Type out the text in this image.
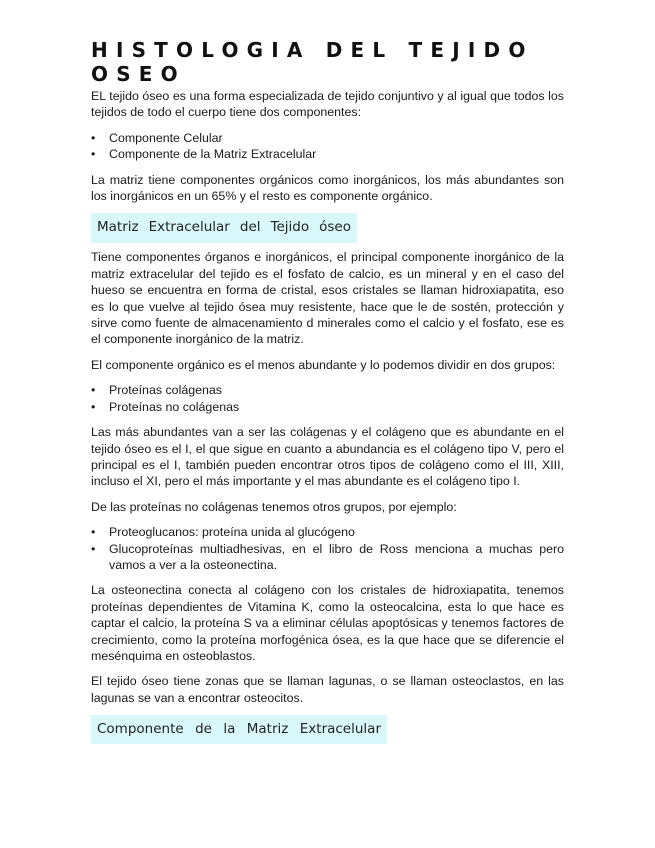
HISTOLOGIA DEL TEJIDO OSEO

EL tejido óseo es una forma especializada de tejido conjuntivo y al igual que todos los tejidos de todo el cuerpo tiene dos componentes:

• Componente Celular
• Componente de la Matriz Extracelular

La matriz tiene componentes orgánicos como inorgánicos, los más abundantes son los inorgánicos en un 65% y el resto es componente orgánico.

Matriz Extracelular del Tejido óseo

Tiene componentes órganos e inorgánicos, el principal componente inorgánico de la matriz extracelular del tejido es el fosfato de calcio, es un mineral y en el caso del hueso se encuentra en forma de cristal, esos cristales se llaman hidroxiapatita, eso es lo que vuelve al tejido ósea muy resistente, hace que le de sostén, protección y sirve como fuente de almacenamiento d minerales como el calcio y el fosfato, ese es el componente inorgánico de la matriz.

El componente orgánico es el menos abundante y lo podemos dividir en dos grupos:

• Proteínas colágenas
• Proteínas no colágenas

Las más abundantes van a ser las colágenas y el colágeno que es abundante en el tejido óseo es el I, el que sigue en cuanto a abundancia es el colágeno tipo V, pero el principal es el I, también pueden encontrar otros tipos de colágeno como el III, XIII, incluso el XI, pero el más importante y el mas abundante es el colágeno tipo I.

De las proteínas no colágenas tenemos otros grupos, por ejemplo:

• Proteoglucanos: proteína unida al glucógeno
• Glucoproteínas multiadhesivas, en el libro de Ross menciona a muchas pero vamos a ver a la osteonectina.

La osteonectina conecta al colágeno con los cristales de hidroxiapatita, tenemos proteínas dependientes de Vitamina K, como la osteocalcina, esta lo que hace es captar el calcio, la proteína S va a eliminar células apoptósicas y tenemos factores de crecimiento, como la proteína morfogénica ósea, es la que hace que se diferencie el mesénquima en osteoblastos.

El tejido óseo tiene zonas que se llaman lagunas, o se llaman osteoclastos, en las lagunas se van a encontrar osteocitos.

Componente de la Matriz Extracelular
